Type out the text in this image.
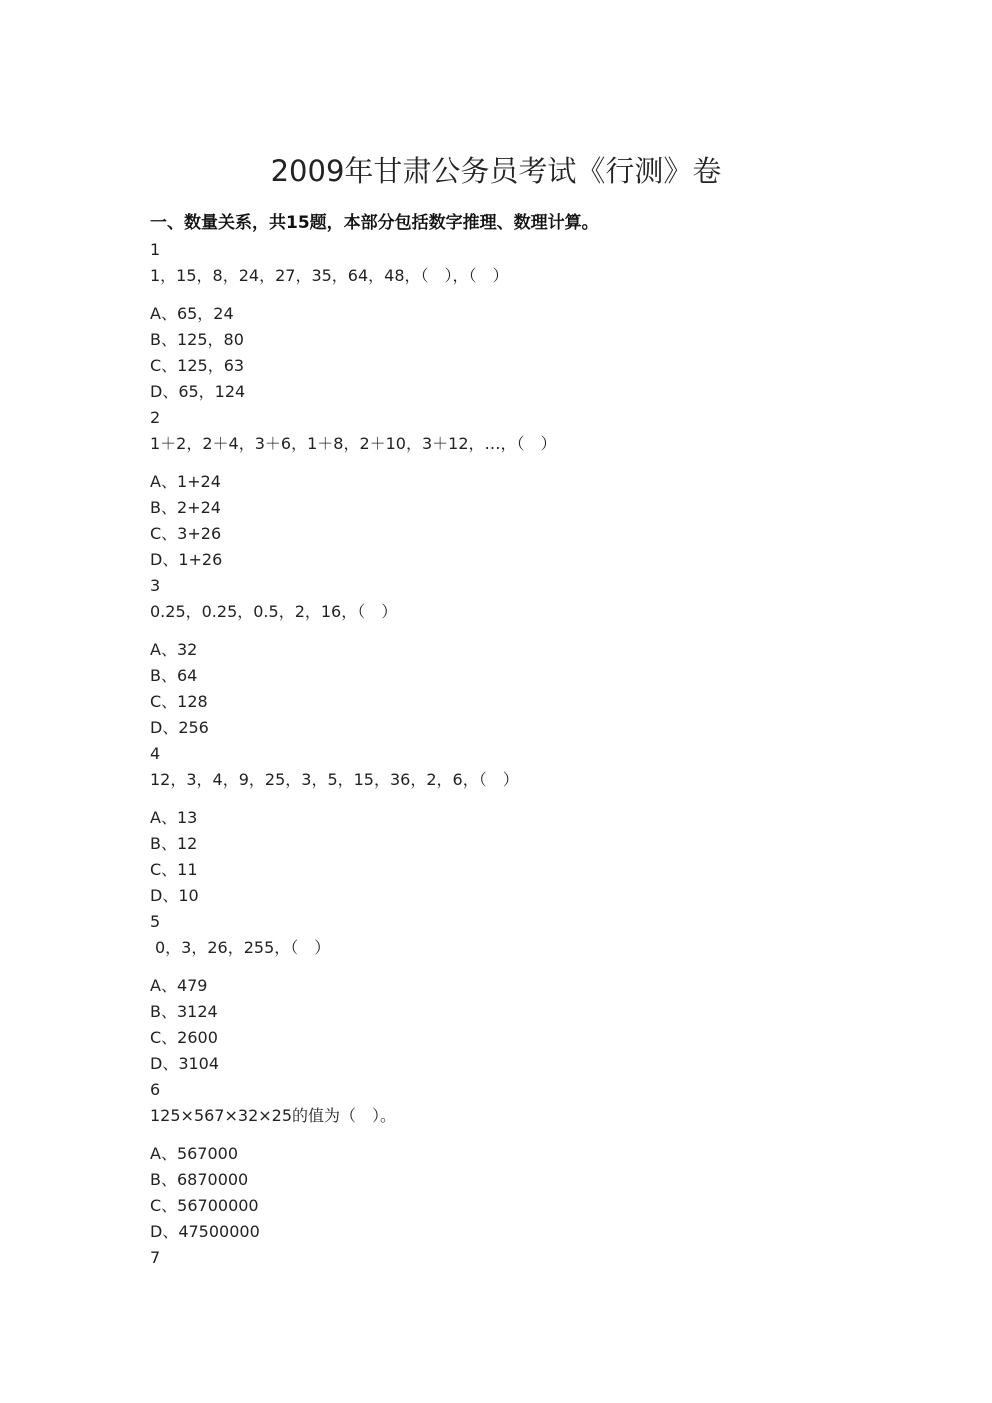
2009年甘肃公务员考试《行测》卷
一、数量关系，共15题，本部分包括数字推理、数理计算。
1
1，15，8，24，27，35，64，48，（　），（　）
A、65，24
B、125，80
C、125，63
D、65，124
2
1＋2，2＋4，3＋6，1＋8，2＋10，3＋12，…，（　）
A、1+24
B、2+24
C、3+26
D、1+26
3
0.25，0.25，0.5，2，16，（　）
A、32
B、64
C、128
D、256
4
12，3，4，9，25，3，5，15，36，2，6，（　）
A、13
B、12
C、11
D、10
5
0，3，26，255，（　）
A、479
B、3124
C、2600
D、3104
6
125×567×32×25的值为（　）。
A、567000
B、6870000
C、56700000
D、47500000
7
